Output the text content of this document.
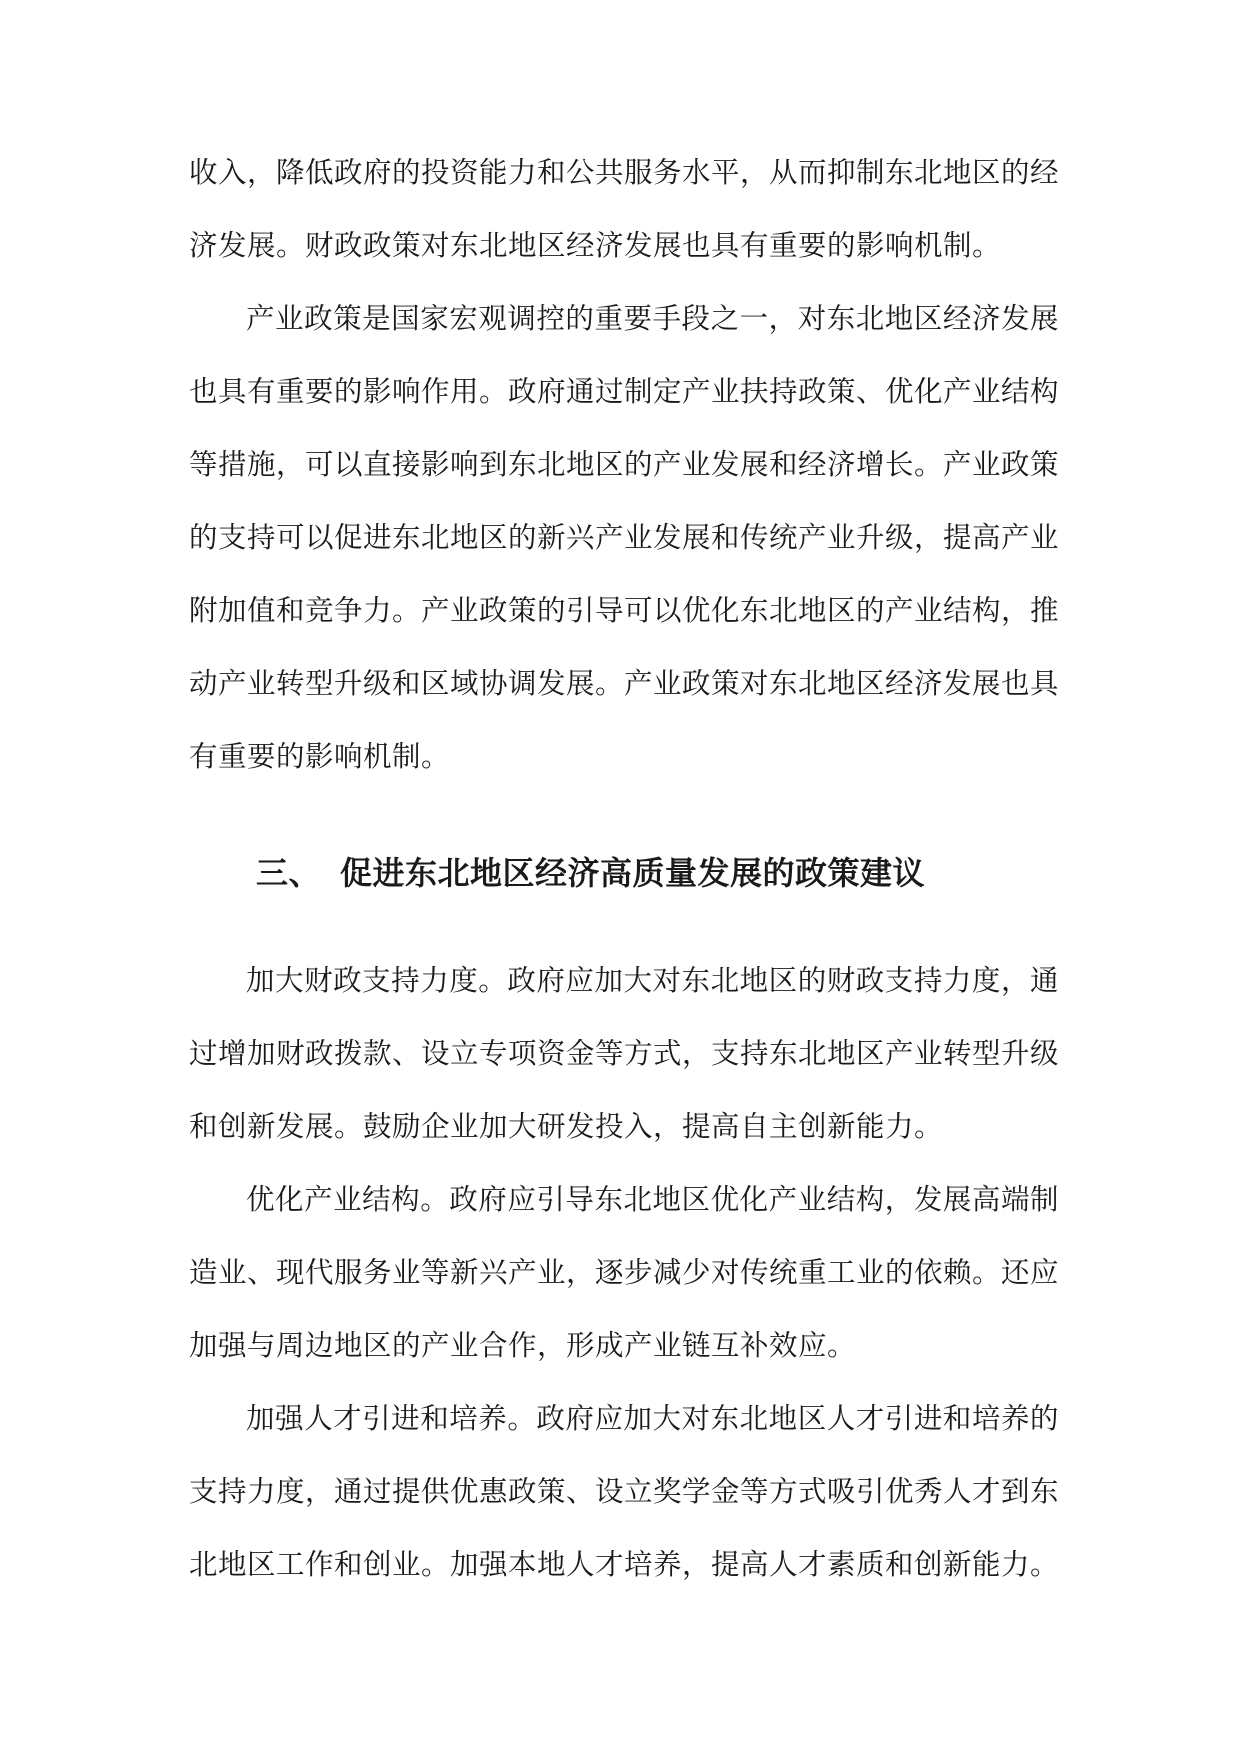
收入，降低政府的投资能力和公共服务水平，从而抑制东北地区的经济发展。财政政策对东北地区经济发展也具有重要的影响机制。

产业政策是国家宏观调控的重要手段之一，对东北地区经济发展也具有重要的影响作用。政府通过制定产业扶持政策、优化产业结构等措施，可以直接影响到东北地区的产业发展和经济增长。产业政策的支持可以促进东北地区的新兴产业发展和传统产业升级，提高产业附加值和竞争力。产业政策的引导可以优化东北地区的产业结构，推动产业转型升级和区域协调发展。产业政策对东北地区经济发展也具有重要的影响机制。

三、 促进东北地区经济高质量发展的政策建议

加大财政支持力度。政府应加大对东北地区的财政支持力度，通过增加财政拨款、设立专项资金等方式，支持东北地区产业转型升级和创新发展。鼓励企业加大研发投入，提高自主创新能力。

优化产业结构。政府应引导东北地区优化产业结构，发展高端制造业、现代服务业等新兴产业，逐步减少对传统重工业的依赖。还应加强与周边地区的产业合作，形成产业链互补效应。

加强人才引进和培养。政府应加大对东北地区人才引进和培养的支持力度，通过提供优惠政策、设立奖学金等方式吸引优秀人才到东北地区工作和创业。加强本地人才培养，提高人才素质和创新能力。
